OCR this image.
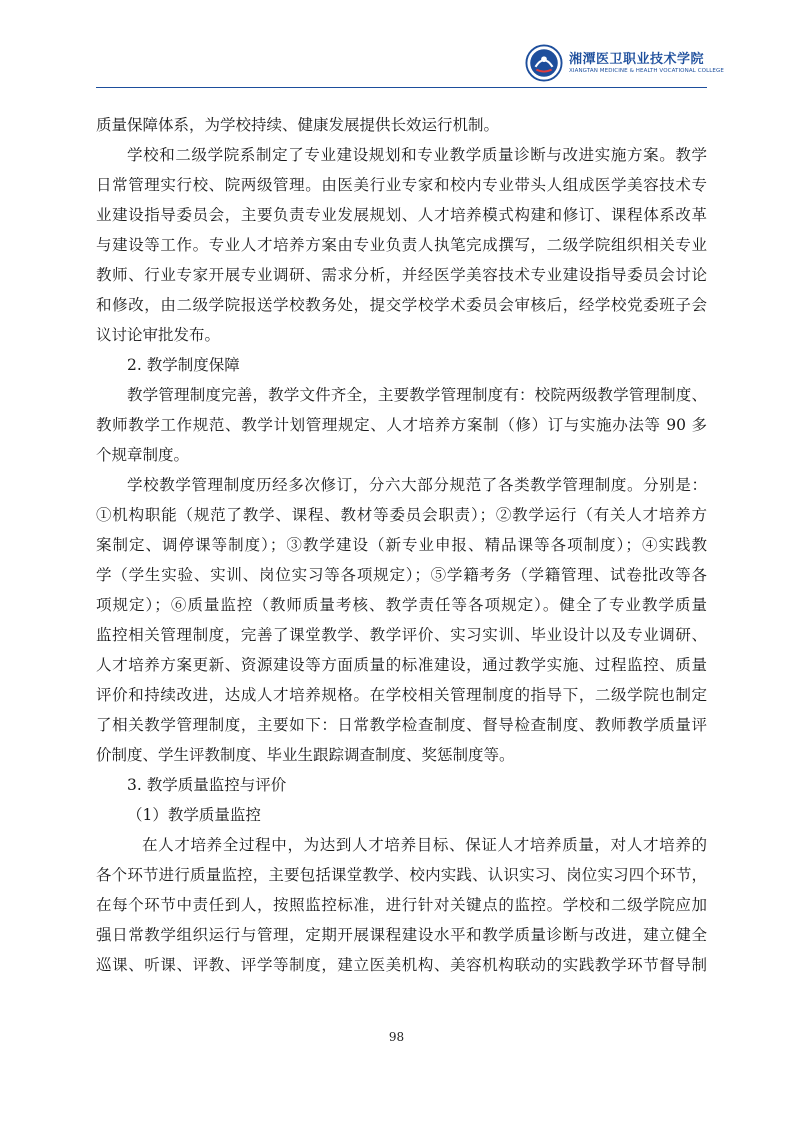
湘潭医卫职业技术学院
XIANGTAN MEDICINE & HEALTH VOCATIONAL COLLEGE
质量保障体系，为学校持续、健康发展提供长效运行机制。
学校和二级学院系制定了专业建设规划和专业教学质量诊断与改进实施方案。教学
日常管理实行校、院两级管理。由医美行业专家和校内专业带头人组成医学美容技术专
业建设指导委员会，主要负责专业发展规划、人才培养模式构建和修订、课程体系改革
与建设等工作。专业人才培养方案由专业负责人执笔完成撰写，二级学院组织相关专业
教师、行业专家开展专业调研、需求分析，并经医学美容技术专业建设指导委员会讨论
和修改，由二级学院报送学校教务处，提交学校学术委员会审核后，经学校党委班子会
议讨论审批发布。
2. 教学制度保障
教学管理制度完善，教学文件齐全，主要教学管理制度有：校院两级教学管理制度、
教师教学工作规范、教学计划管理规定、人才培养方案制（修）订与实施办法等 90 多
个规章制度。
学校教学管理制度历经多次修订，分六大部分规范了各类教学管理制度。分别是：
①机构职能（规范了教学、课程、教材等委员会职责）；②教学运行（有关人才培养方
案制定、调停课等制度）；③教学建设（新专业申报、精品课等各项制度）；④实践教
学（学生实验、实训、岗位实习等各项规定）；⑤学籍考务（学籍管理、试卷批改等各
项规定）；⑥质量监控（教师质量考核、教学责任等各项规定）。健全了专业教学质量
监控相关管理制度，完善了课堂教学、教学评价、实习实训、毕业设计以及专业调研、
人才培养方案更新、资源建设等方面质量的标准建设，通过教学实施、过程监控、质量
评价和持续改进，达成人才培养规格。在学校相关管理制度的指导下，二级学院也制定
了相关教学管理制度，主要如下：日常教学检查制度、督导检查制度、教师教学质量评
价制度、学生评教制度、毕业生跟踪调查制度、奖惩制度等。
3. 教学质量监控与评价
（1）教学质量监控
在人才培养全过程中，为达到人才培养目标、保证人才培养质量，对人才培养的
各个环节进行质量监控，主要包括课堂教学、校内实践、认识实习、岗位实习四个环节，
在每个环节中责任到人，按照监控标准，进行针对关键点的监控。学校和二级学院应加
强日常教学组织运行与管理，定期开展课程建设水平和教学质量诊断与改进，建立健全
巡课、听课、评教、评学等制度，建立医美机构、美容机构联动的实践教学环节督导制
98
